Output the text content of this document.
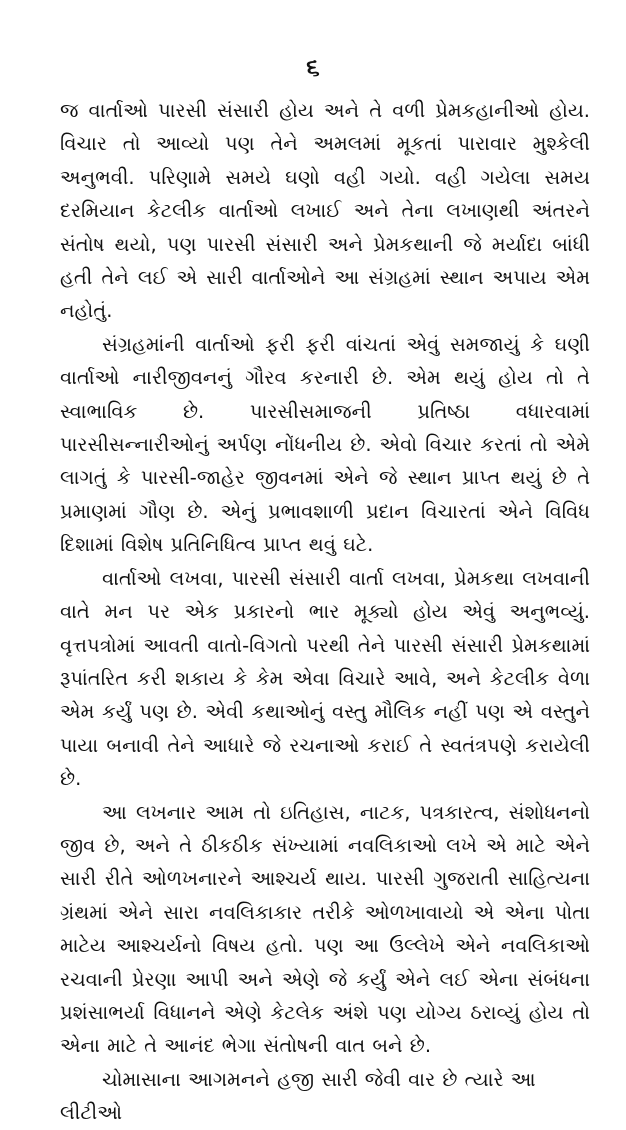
૬

જ વાર્તાઓ પારસી સંસારી હોય અને તે વળી પ્રેમકહાનીઓ હોય. વિચાર તો આવ્યો પણ તેને અમલમાં મૂકતાં પારાવાર મુશ્કેલી અનુભવી. પરિણામે સમયે ઘણો વહી ગયો. વહી ગયેલા સમય દરમિયાન કેટલીક વાર્તાઓ લખાઈ અને તેના લખાણથી અંતરને સંતોષ થયો, પણ પારસી સંસારી અને પ્રેમકથાની જે મર્યાદા બાંધી હતી તેને લઈ એ સારી વાર્તાઓને આ સંગ્રહમાં સ્થાન અપાય એમ નહોતું.

સંગ્રહમાંની વાર્તાઓ ફરી ફરી વાંચતાં એવું સમજાયું કે ઘણી વાર્તાઓ નારીજીવનનું ગૌરવ કરનારી છે. એમ થયું હોય તો તે સ્વાભાવિક છે. પારસીસમાજની પ્રતિષ્ઠા વધારવામાં પારસીસન્નારીઓનું અર્પણ નોંધનીય છે. એવો વિચાર કરતાં તો એમે લાગતું કે પારસી-જાહેર જીવનમાં એને જે સ્થાન પ્રાપ્ત થયું છે તે પ્રમાણમાં ગૌણ છે. એનું પ્રભાવશાળી પ્રદાન વિચારતાં એને વિવિધ દિશામાં વિશેષ પ્રતિનિધિત્વ પ્રાપ્ત થવું ઘટે.

વાર્તાઓ લખવા, પારસી સંસારી વાર્તા લખવા, પ્રેમકથા લખવાની વાતે મન પર એક પ્રકારનો ભાર મૂક્યો હોય એવું અનુભવ્યું. વૃત્તપત્રોમાં આવતી વાતો-વિગતો પરથી તેને પારસી સંસારી પ્રેમકથામાં રૂપાંતરિત કરી શકાય કે કેમ એવા વિચારે આવે, અને કેટલીક વેળા એમ કર્યું પણ છે. એવી કથાઓનું વસ્તુ મૌલિક નહીં પણ એ વસ્તુને પાયા બનાવી તેને આધારે જે રચનાઓ કરાઈ તે સ્વતંત્રપણે કરાયેલી છે.

આ લખનાર આમ તો ઇતિહાસ, નાટક, પત્રકારત્વ, સંશોધનનો જીવ છે, અને તે ઠીકઠીક સંખ્યામાં નવલિકાઓ લખે એ માટે એને સારી રીતે ઓળખનારને આશ્ચર્ય થાય. પારસી ગુજરાતી સાહિત્યના ગ્રંથમાં એને સારા નવલિકાકાર તરીકે ઓળખાવાયો એ એના પોતા માટેય આશ્ચર્યનો વિષય હતો. પણ આ ઉલ્લેખે એને નવલિકાઓ રચવાની પ્રેરણા આપી અને એણે જે કર્યું એને લઈ એના સંબંધના પ્રશંસાભર્યા વિધાનને એણે કેટલેક અંશે પણ યોગ્ય ઠરાવ્યું હોય તો એના માટે તે આનંદ ભેગા સંતોષની વાત બને છે.

ચોમાસાના આગમનને હજી સારી જેવી વાર છે ત્યારે આ લીટીઓ
